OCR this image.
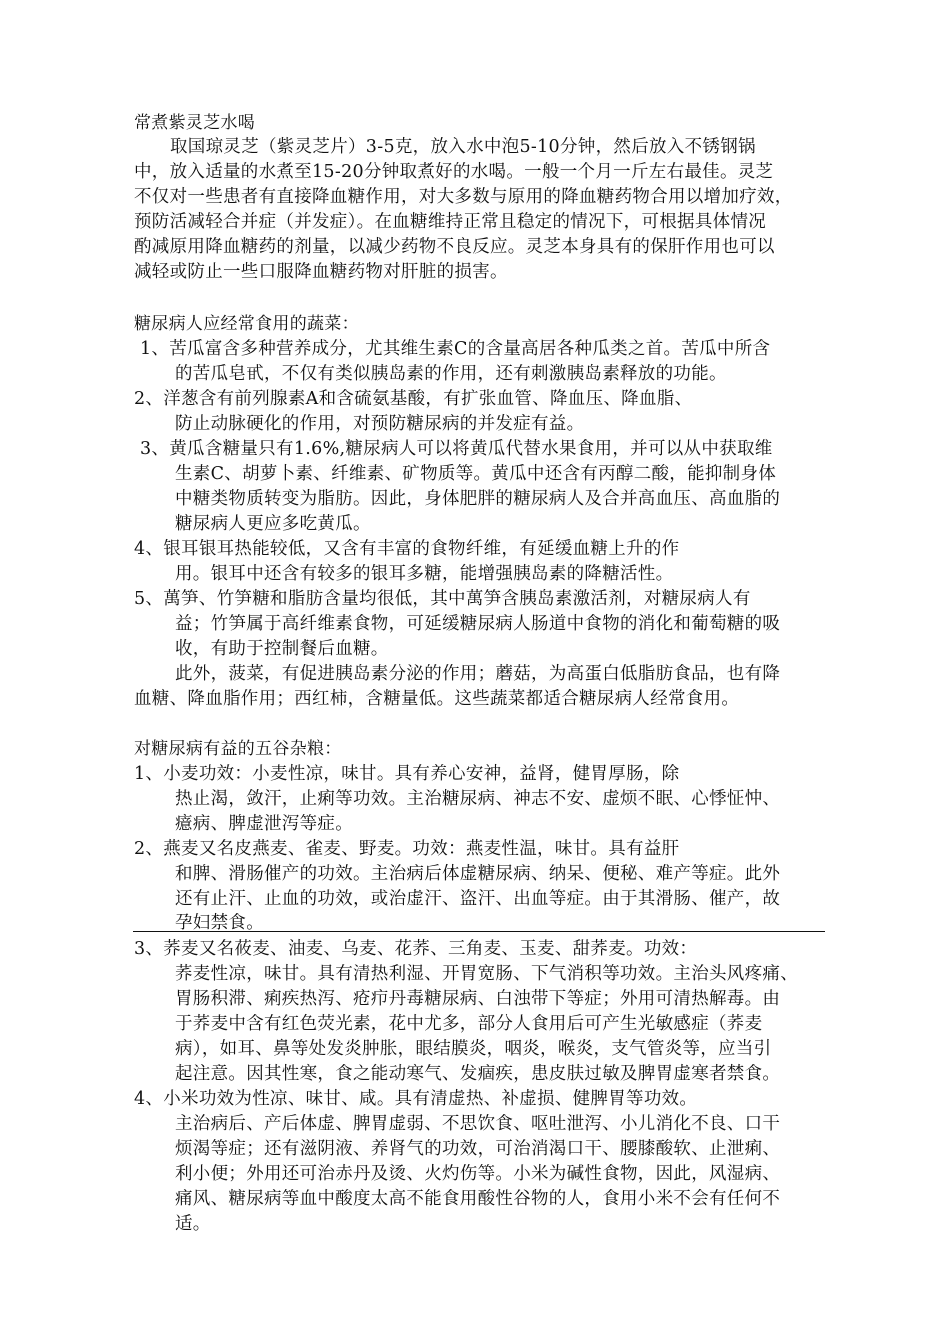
常煮紫灵芝水喝
取国琼灵芝（紫灵芝片）3-5克，放入水中泡5-10分钟，然后放入不锈钢锅
中，放入适量的水煮至15-20分钟取煮好的水喝。一般一个月一斤左右最佳。灵芝
不仅对一些患者有直接降血糖作用，对大多数与原用的降血糖药物合用以增加疗效，
预防活减轻合并症（并发症）。在血糖维持正常且稳定的情况下，可根据具体情况
酌减原用降血糖药的剂量，以减少药物不良反应。灵芝本身具有的保肝作用也可以
减轻或防止一些口服降血糖药物对肝脏的损害。
糖尿病人应经常食用的蔬菜：
1、苦瓜富含多种营养成分，尤其维生素C的含量高居各种瓜类之首。苦瓜中所含
的苦瓜皂甙，不仅有类似胰岛素的作用，还有刺激胰岛素释放的功能。
2、洋葱含有前列腺素A和含硫氨基酸，有扩张血管、降血压、降血脂、
防止动脉硬化的作用，对预防糖尿病的并发症有益。
3、黄瓜含糖量只有1.6%,糖尿病人可以将黄瓜代替水果食用，并可以从中获取维
生素C、胡萝卜素、纤维素、矿物质等。黄瓜中还含有丙醇二酸，能抑制身体
中糖类物质转变为脂肪。因此，身体肥胖的糖尿病人及合并高血压、高血脂的
糖尿病人更应多吃黄瓜。
4、银耳银耳热能较低，又含有丰富的食物纤维，有延缓血糖上升的作
用。银耳中还含有较多的银耳多糖，能增强胰岛素的降糖活性。
5、萬笋、竹笋糖和脂肪含量均很低，其中萬笋含胰岛素激活剂，对糖尿病人有
益；竹笋属于高纤维素食物，可延缓糖尿病人肠道中食物的消化和葡萄糖的吸
收，有助于控制餐后血糖。
此外，菠菜，有促进胰岛素分泌的作用；蘑菇，为高蛋白低脂肪食品，也有降
血糖、降血脂作用；西红柿，含糖量低。这些蔬菜都适合糖尿病人经常食用。
对糖尿病有益的五谷杂粮：
1、小麦功效：小麦性凉，味甘。具有养心安神，益肾，健胃厚肠，除
热止渴，敛汗，止痢等功效。主治糖尿病、神志不安、虚烦不眠、心悸怔忡、
癔病、脾虚泄泻等症。
2、燕麦又名皮燕麦、雀麦、野麦。功效：燕麦性温，味甘。具有益肝
和脾、滑肠催产的功效。主治病后体虚糖尿病、纳呆、便秘、难产等症。此外
还有止汗、止血的功效，或治虚汗、盗汗、出血等症。由于其滑肠、催产，故
孕妇禁食。
3、荞麦又名莜麦、油麦、乌麦、花荞、三角麦、玉麦、甜荞麦。功效：
荞麦性凉，味甘。具有清热利湿、开胃宽肠、下气消积等功效。主治头风疼痛、
胃肠积滞、痢疾热泻、疮疖丹毒糖尿病、白浊带下等症；外用可清热解毒。由
于荞麦中含有红色荧光素，花中尤多，部分人食用后可产生光敏感症（荞麦
病），如耳、鼻等处发炎肿胀，眼结膜炎，咽炎，喉炎，支气管炎等，应当引
起注意。因其性寒，食之能动寒气、发痼疾，患皮肤过敏及脾胃虚寒者禁食。
4、小米功效为性凉、味甘、咸。具有清虚热、补虚损、健脾胃等功效。
主治病后、产后体虚、脾胃虚弱、不思饮食、呕吐泄泻、小儿消化不良、口干
烦渴等症；还有滋阴液、养肾气的功效，可治消渴口干、腰膝酸软、止泄痢、
利小便；外用还可治赤丹及烫、火灼伤等。小米为碱性食物，因此，风湿病、
痛风、糖尿病等血中酸度太高不能食用酸性谷物的人，食用小米不会有任何不
适。
